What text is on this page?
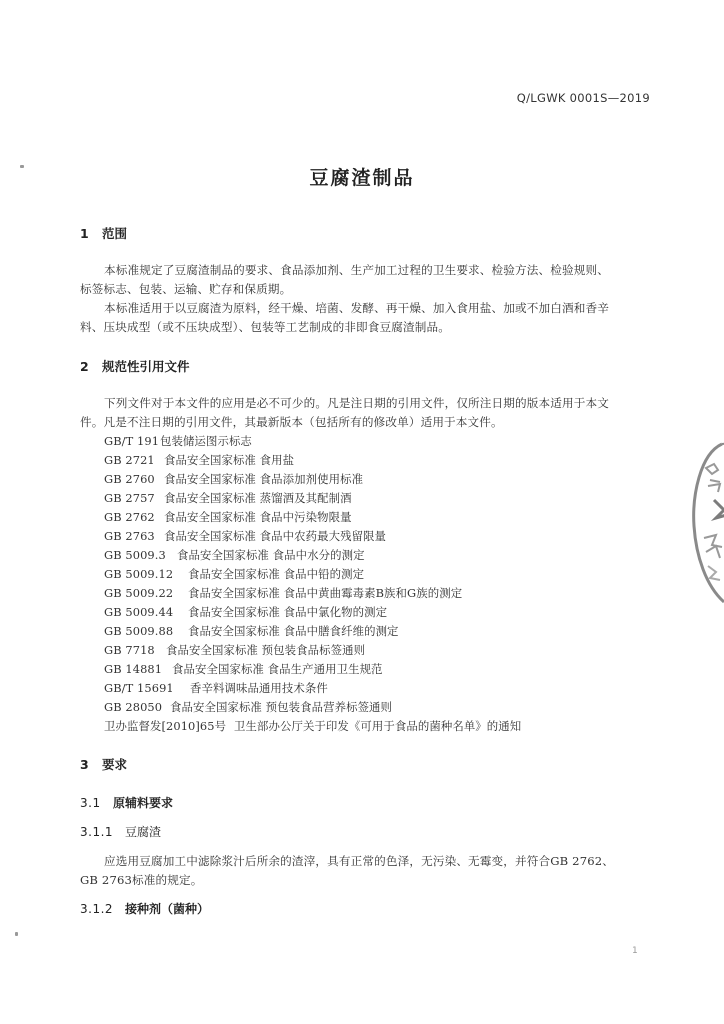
Q/LGWK 0001S—2019
豆腐渣制品
1 范围
本标准规定了豆腐渣制品的要求、食品添加剂、生产加工过程的卫生要求、检验方法、检验规则、
标签标志、包装、运输、贮存和保质期。
本标准适用于以豆腐渣为原料，经干燥、培菌、发酵、再干燥、加入食用盐、加或不加白酒和香辛
料、压块成型（或不压块成型）、包装等工艺制成的非即食豆腐渣制品。
2 规范性引用文件
下列文件对于本文件的应用是必不可少的。凡是注日期的引用文件，仅所注日期的版本适用于本文
件。凡是不注日期的引用文件，其最新版本（包括所有的修改单）适用于本文件。
GB/T 191包装储运图示标志
GB 2721 食品安全国家标准 食用盐
GB 2760 食品安全国家标准 食品添加剂使用标准
GB 2757 食品安全国家标准 蒸馏酒及其配制酒
GB 2762 食品安全国家标准 食品中污染物限量
GB 2763 食品安全国家标准 食品中农药最大残留限量
GB 5009.3 食品安全国家标准 食品中水分的测定
GB 5009.12 食品安全国家标准 食品中铅的测定
GB 5009.22 食品安全国家标准 食品中黄曲霉毒素B族和G族的测定
GB 5009.44 食品安全国家标准 食品中氯化物的测定
GB 5009.88 食品安全国家标准 食品中膳食纤维的测定
GB 7718 食品安全国家标准 预包装食品标签通则
GB 14881 食品安全国家标准 食品生产通用卫生规范
GB/T 15691 香辛料调味品通用技术条件
GB 28050 食品安全国家标准 预包装食品营养标签通则
卫办监督发[2010]65号 卫生部办公厅关于印发《可用于食品的菌种名单》的通知
3 要求
3.1 原辅料要求
3.1.1 豆腐渣
应选用豆腐加工中滤除浆汁后所余的渣滓，具有正常的色泽，无污染、无霉变，并符合GB 2762、
GB 2763标准的规定。
3.1.2 接种剂（菌种）
1
